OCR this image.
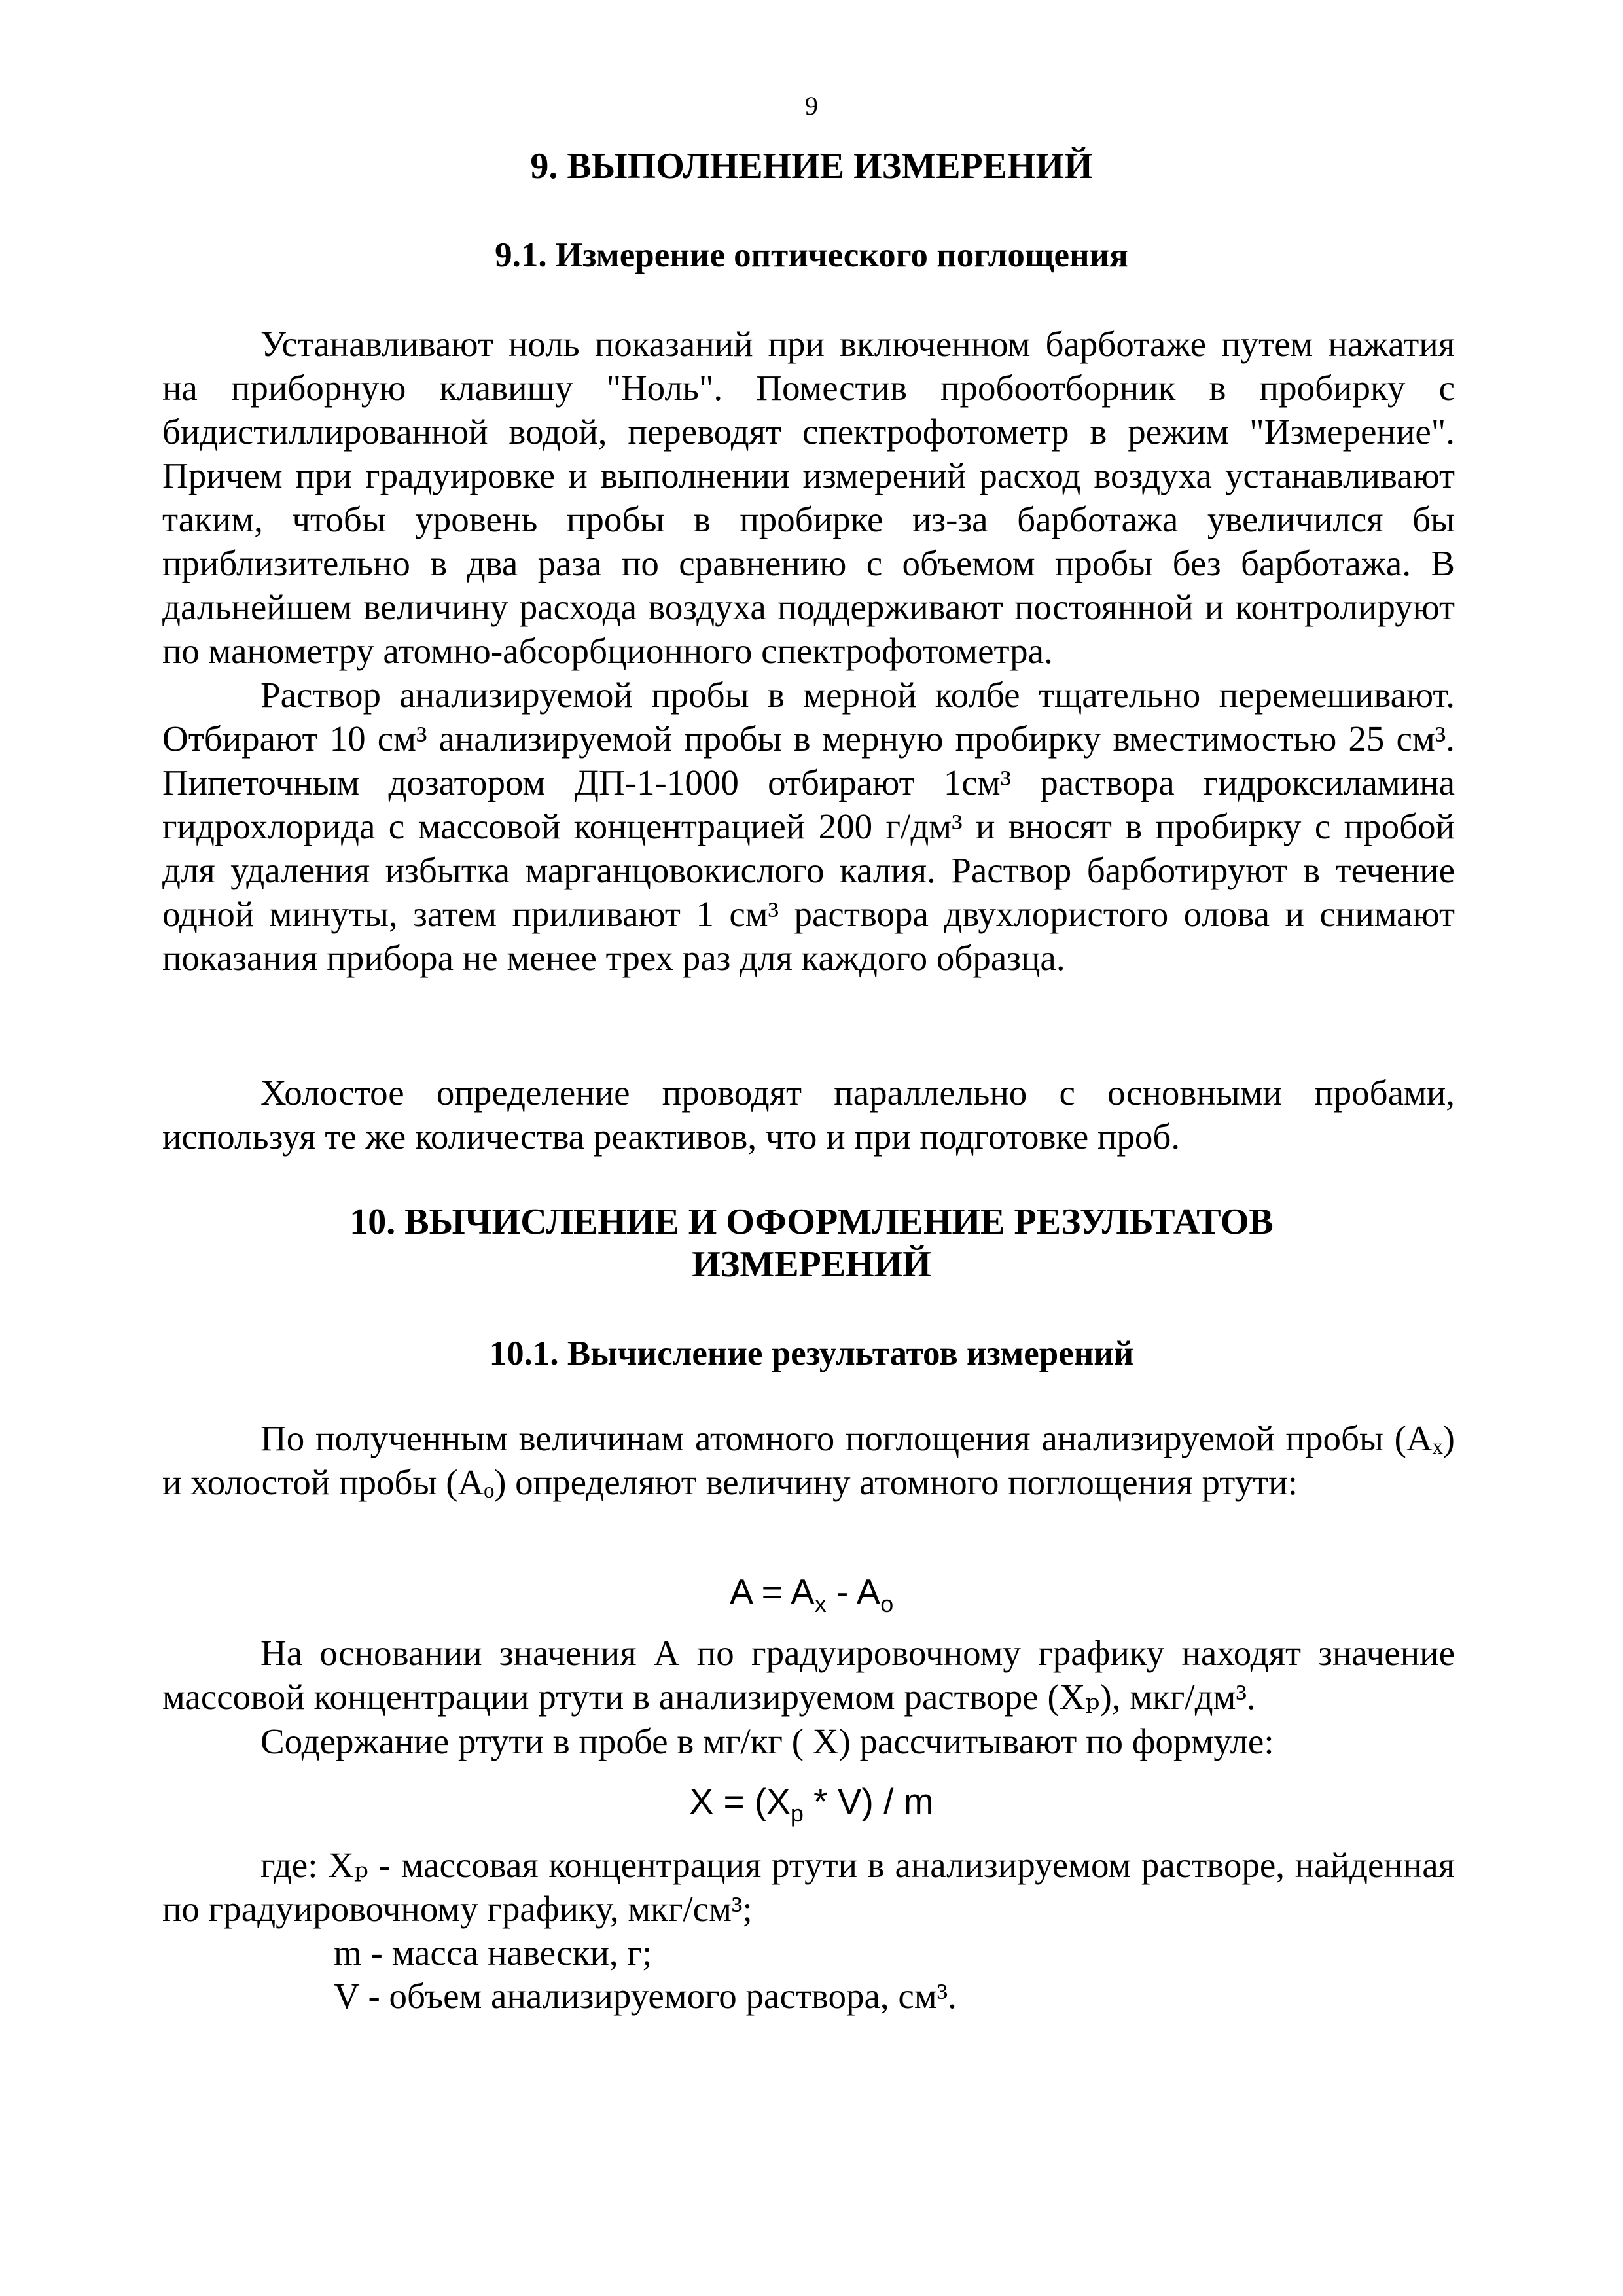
9
9. ВЫПОЛНЕНИЕ ИЗМЕРЕНИЙ
9.1. Измерение оптического поглощения

Устанавливают ноль показаний при включенном барботаже путем нажатия на приборную клавишу "Ноль". Поместив пробоотборник в пробирку с бидистиллированной водой, переводят спектрофотометр в режим "Измерение". Причем при градуировке и выполнении измерений расход воздуха устанавливают таким, чтобы уровень пробы в пробирке из-за барботажа увеличился бы приблизительно в два раза по сравнению с объемом пробы без барботажа. В дальнейшем величину расхода воздуха поддерживают постоянной и контролируют по манометру атомно-абсорбционного спектрофотометра.

Раствор анализируемой пробы в мерной колбе тщательно перемешивают. Отбирают 10 см³ анализируемой пробы в мерную пробирку вместимостью 25 см³. Пипеточным дозатором ДП-1-1000 отбирают 1см³ раствора гидроксиламина гидрохлорида с массовой концентрацией 200 г/дм³ и вносят в пробирку с пробой для удаления избытка марганцовокислого калия. Раствор барботируют в течение одной минуты, затем приливают 1 см³ раствора двухлористого олова и снимают показания прибора не менее трех раз для каждого образца.

Холостое определение проводят параллельно с основными пробами, используя те же количества реактивов, что и при подготовке проб.

10. ВЫЧИСЛЕНИЕ И ОФОРМЛЕНИЕ РЕЗУЛЬТАТОВ
ИЗМЕРЕНИЙ
10.1. Вычисление результатов измерений

По полученным величинам атомного поглощения анализируемой пробы (Аₓ) и холостой пробы (Аₒ) определяют величину атомного поглощения ртути:

$A = A_x - A_o$

На основании значения А по градуировочному графику находят значение массовой концентрации ртути в анализируемом растворе (Хₚ), мкг/дм³.

Содержание ртути в пробе в мг/кг ( Х) рассчитывают по формуле:

$X = (X_p * V) / m$

где: Хₚ - массовая концентрация ртути в анализируемом растворе, найденная по градуировочному графику, мкг/см³;

m - масса навески, г;
V - объем анализируемого раствора, см³.
